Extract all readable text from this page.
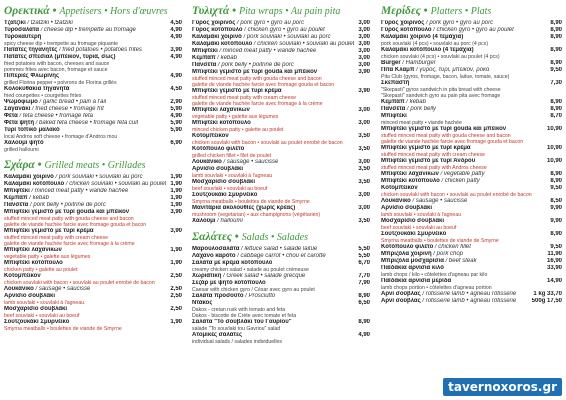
Ορεκτικά • Appetisers • Hors d'œuvres
Τζατζίκι / tzatziki • tzatziki	4,50
Τυροσαλάτα / cheese dip • trempette au fromage	4,90
Τυροκαυτερή	4,90
spicy cheese dip • trempette au fromage piquante
Πατάτες τηγανητές / fried potatoes • potatoes frites	3,90
Πατάτες σπεσιαλ (μπέικον, τυριά, σως)	4,90
fried potatoes with bacon, cheeses and sauce
pommes frites avec bacon, fromage et sauce
Πιπεριές Φλωρίνης	4,90
grilled Florina pepper • poivrons de Florina grillés
Κολοκυθάκια τηγανητά	4,50
fried courgettes • courgettes frites
Ψωμόφωμο / garlic bread • pain à l'ail	2,90
Σαγανάκι / fried cheese • fromage frit	5,90
Φέτα / feta cheese • fromage feta	4,90
Φέτα ψητή / baked feta cheese • fromage feta cuit	5,90
Τυρί τοπικό μαλακό	5,90
local Andros soft cheese • fromage d'Andros mou
Χαλούμι ψητό	6,90
grilled halloumi
Σχάρα • Grilled meats • Grillades
Καλαμάκι χοιρινό / pork souvlaki • souvlaki au porc	1,90
Καλαμάκι κοτόπουλο / chicken souvlaki • souvlaki au poulet 1,90
Μπιφτέκι / minced meat patty • viande hachée	1,90
Κεμπάπ / kebab	1,90
Πανσέτα / pork belly • poitrine de porc	1,90
Μπιφτέκι γεμιστό με τυρί gouda και μπέικον	3,90
stuffed minced meat patty with gouda cheese and bacon
galette de viande hachée farcie avec fromage gouda et bacon
Μπιφτέκι γεμιστό με τυρί κρέμα	3,90
stuffed minced meat patty with cream cheese
galette de viande hachée farcie avec fromage à la crème
Μπιφτέκι λαχανικών	1,90
vegetable patty • galette aux légumes
Μπιφτέκι κοτόπουλο	1,90
chicken patty • galette au poulet
Κοτομπέικον	2,50
chicken souvlaki with bacon • souvlaki au poulet enrobé de bacon
Λουκάνικο / sausage • saucisse	2,50
Αρνίσιο σουβλάκι	2,50
lamb souvlaki • souvlaki à l'agneau
Μοσχαρίσιο σουβλάκι	2,50
beef souvlaki • souvlaki au boeuf
Σουτζουκάκι Σμυρνέικο	1,90
Smyrna meatballs • boulettes de viande de Smyrne
Τυλιχτά • Pita wraps • Au pain pita
Γύρος χοιρινός / pork gyro • gyro au porc	3,00
Γύρος κοτόπουλο / chicken gyro • gyro au poulet	3,00
Καλαμάκι χοιρινό / pork souvlaki • souvlaki au porc	3,00
Καλαμάκι κοτόπουλο / chicken souvlaki • souvlaki au poulet 3,00
Μπιφτέκι / minced meat patty • viande hachée	3,00
Κεμπάπ / kebab	3,00
Πανσέτα / pork belly • poitrine de porc	3,00
Μπιφτέκι γεμιστό με τυρί gouda και μπέικον	3,90
stuffed minced meat patty with gouda cheese and bacon
galette de viande hachée farcie avec fromage gouda et bacon
Μπιφτέκι γεμιστό με τυρί κρέμα	3,90
stuffed minced meat patty with cream cheese
galette de viande hachée farcie avec fromage à la crème
Μπιφτέκι λαχανικών	3,00
vegetable patty • galette aux légumes
Μπιφτέκι κοτόπουλο	3,00
minced chicken patty • galette au poulet
Κοτομπέικον	3,50
chicken souvlaki with bacon • souvlaki au poulet enrobé de bacon
Κοτόπουλο φιλέτο	3,50
grilled chicken fillet • filet de poulet
Λουκάνικο / sausage • saucisse	3,00
Αρνίσιο σουβλάκι	3,50
lamb souvlaki • souvlaki à l'agneau
Μοσχαρίσιο σουβλάκι	3,50
beef souvlaki • souvlaki au boeuf
Σουτζουκάκι Σμυρνέικο	3,00
Smyrna meatballs • boulettes de viande de Smyrne
Μανιτάρια ακολουθίες (χωρίς κρέας)	3,00
mushroom (vegetarian) • aux champignons (végétarien)
Χαλούμι / halloumi	3,50
Σαλάτες • Salads • Salades
Μαρουλοσαλάτα / lettuce salad • salade laitue	5,50
Λάχανο καρότο / cabbage carrot • chou et carotte	5,50
Σαλάτα με κρέμα κοτόπουλο	6,70
creamy chicken salad • salade au poulet crémeuse
Χωριάτικη / Greek salad • salade grecque	7,70
Σεζάρ με ψητό κοτόπουλο	7,90
Caesar with chicken gyro / César avec gyro au poulet
Σαλάτα προσούτο / Prosciutto	8,90
Ντάκος	6,50
Dakos - cretan rusk with tomato and feta
Dakos - biscotte de Crète avec tomate et feta
Σαλάτα "Το σουβλάκι του Γαυρίου"	8,90
salade "To souvlaki tou Gavriou" salad
Ατομικές σαλάτες	4,90
individual salads / salades individuelles
Μερίδες • Platters • Plats
Γύρος χοιρινός / pork gyro • gyro au porc	8,90
Γύρος κοτόπουλο / chicken gyro • gyro au poulet	8,90
Καλαμάκι χοιρινό (4 τεμάχια)	8,90
pork souvlaki (4 pcs) • souvlaki au porc (4 pcs)
Καλαμάκι κοτόπουλο (4 τεμάχια)	8,90
chicken souvlaki (4 pcs) • souvlaki au poulet (4 pcs)
Burger / Hamburger	8,90
Πίτα Κλαμπ / γύρος, τυρί, μπέικον, ρόκα	9,50
Pita Club (gyros, fromage, bacon, laitue, tomate, sauce)
Σκεπαστή	7,30
"Skepasti" gyros sandwich in pita bread with cheese
"Skepasti" sandwich gyro au pain pita avec fromage
Κεμπάπ / kebab	8,90
Πανσέτα / pork belly	8,90
Μπιφτέκι	8,70
minced meat patty • viande hachée
Μπιφτέκι γεμιστό με τυρί gouda και μπέικον	10,90
stuffed minced meat patty with gouda cheese and bacon
galette de viande hachée farcie avec fromage gouda et bacon
Μπιφτέκι γεμιστό με τυρί κρέμα	10,90
stuffed minced meat patty with cream cheese
Μπιφτέκι γεμιστό με τυρί Άνδρου	10,90
stuffed minced meat patty with Andros cheese
Μπιφτέκι λαχανικών / vegetable patty	8,90
Μπιφτέκι κοτόπουλο / chicken patty	8,90
Κοτομπέικον	9,50
chicken souvlaki with bacon • souvlaki au poulet enrobé de bacon
Λουκάνικο / sausage • saucisse	8,50
Αρνίσιο σουβλάκι	9,90
lamb souvlaki • souvlaki à l'agneau
Μοσχαρίσιο σουβλάκι	9,90
beef souvlaki • souvlaki au boeuf
Σουτζουκάκι Σμυρνέικο	8,90
Smyrna meatballs • boulettes de viande de Smyrne
Κοτόπουλο φιλέτο / chicken fillet	9,50
Μπριζόλα χοιρινή / pork chop	11,90
Μπριζόλα μοσχαρίσια / beef steak	16,90
Παϊδάκια αρνίσια κιλό	33,90
lamb chops / kilo • côtelettes d'agneau par kilo
Παϊδάκια αρνίσια μερίδα	14,90
lamb chops portion • côtelettes d'agneau portion
Αρνί σούβλας / rotisserie lamb • agneau rôtisserie	1 kg 33,70
Αρνί σούβλας / rotisserie lamb • agneau rôtisserie	500g 17,50
tavernoxoros.gr
